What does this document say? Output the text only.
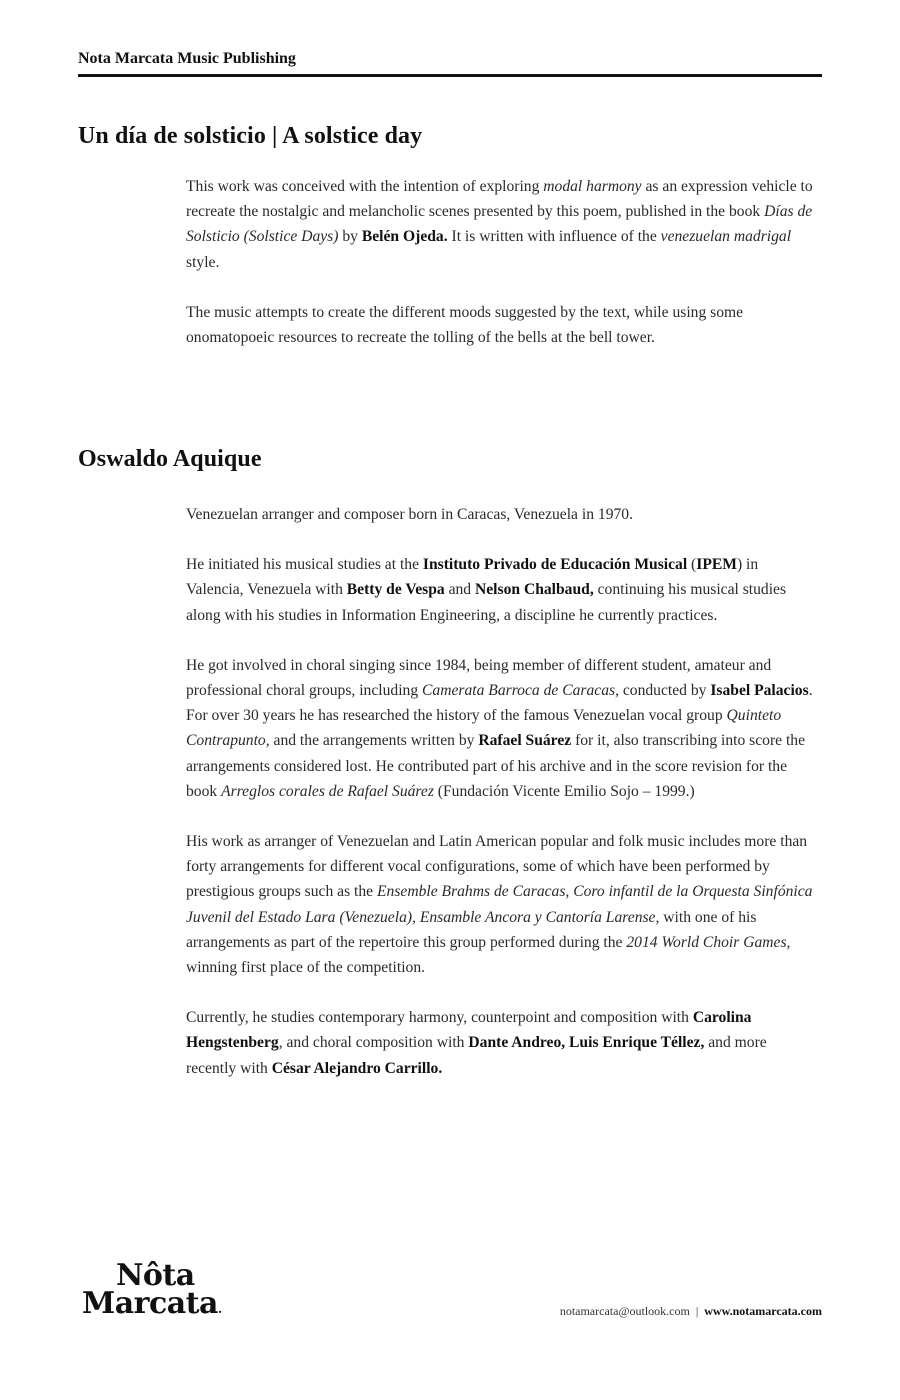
Nota Marcata Music Publishing
Un día de solsticio | A solstice day

This work was conceived with the intention of exploring modal harmony as an expression vehicle to recreate the nostalgic and melancholic scenes presented by this poem, published in the book Días de Solsticio (Solstice Days) by Belén Ojeda. It is written with influence of the venezuelan madrigal style.

The music attempts to create the different moods suggested by the text, while using some onomatopoeic resources to recreate the tolling of the bells at the bell tower.

Oswaldo Aquique

Venezuelan arranger and composer born in Caracas, Venezuela in 1970.

He initiated his musical studies at the Instituto Privado de Educación Musical (IPEM) in Valencia, Venezuela with Betty de Vespa and Nelson Chalbaud, continuing his musical studies along with his studies in Information Engineering, a discipline he currently practices.

He got involved in choral singing since 1984, being member of different student, amateur and professional choral groups, including Camerata Barroca de Caracas, conducted by Isabel Palacios. For over 30 years he has researched the history of the famous Venezuelan vocal group Quinteto Contrapunto, and the arrangements written by Rafael Suárez for it, also transcribing into score the arrangements considered lost. He contributed part of his archive and in the score revision for the book Arreglos corales de Rafael Suárez (Fundación Vicente Emilio Sojo – 1999.)

His work as arranger of Venezuelan and Latin American popular and folk music includes more than forty arrangements for different vocal configurations, some of which have been performed by prestigious groups such as the Ensemble Brahms de Caracas, Coro infantil de la Orquesta Sinfónica Juvenil del Estado Lara (Venezuela), Ensamble Ancora y Cantoría Larense, with one of his arrangements as part of the repertoire this group performed during the 2014 World Choir Games, winning first place of the competition.

Currently, he studies contemporary harmony, counterpoint and composition with Carolina Hengstenberg, and choral composition with Dante Andreo, Luis Enrique Téllez, and more recently with César Alejandro Carrillo.

Nôta
Marcata.	notamarcata@outlook.com | www.notamarcata.com
